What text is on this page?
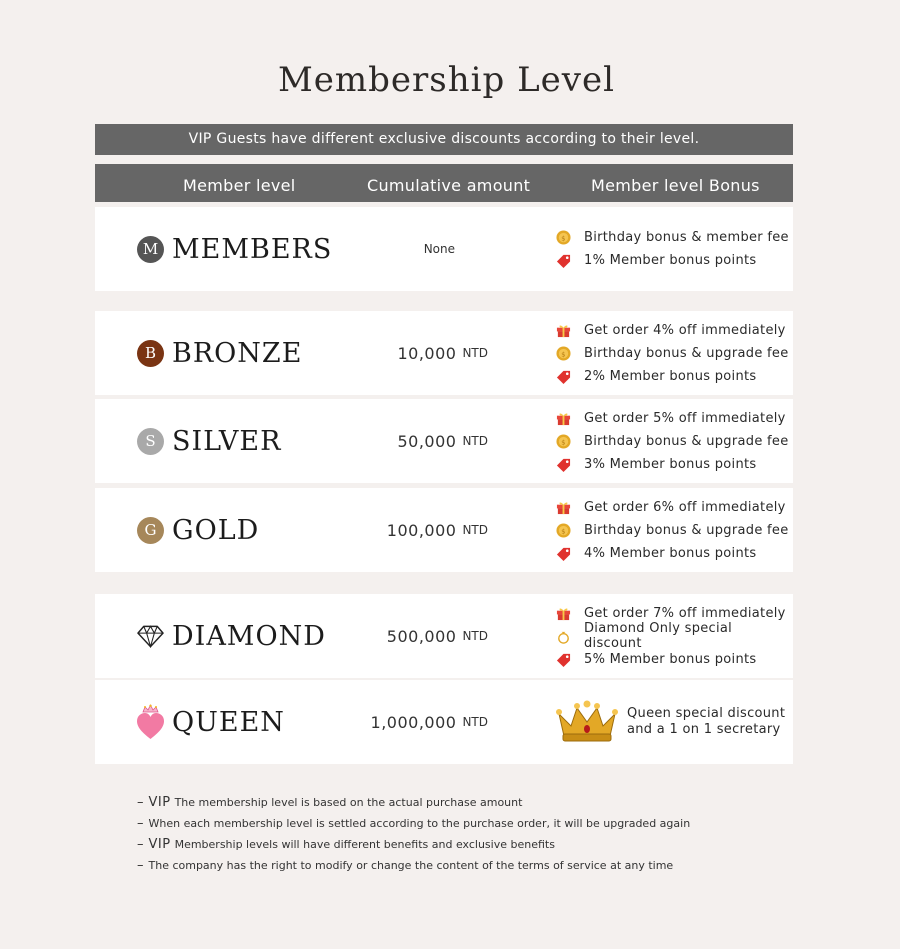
Membership Level
VIP Guests have different exclusive discounts according to their level.
Member level	Cumulative amount	Member level Bonus
M MEMBERS	None
$ Birthday bonus & member fee
1% Member bonus points
B BRONZE	10,000 NTD
Get order 4% off immediately
$ Birthday bonus & upgrade fee
2% Member bonus points
S SILVER	50,000 NTD
Get order 5% off immediately
$ Birthday bonus & upgrade fee
3% Member bonus points
G GOLD	100,000 NTD
Get order 6% off immediately
$ Birthday bonus & upgrade fee
4% Member bonus points
DIAMOND	500,000 NTD
Get order 7% off immediately
Diamond Only special discount
5% Member bonus points
QUEEN	1,000,000 NTD
Queen special discount
and a 1 on 1 secretary
– VIP The membership level is based on the actual purchase amount
– When each membership level is settled according to the purchase order, it will be upgraded again
– VIP Membership levels will have different benefits and exclusive benefits
– The company has the right to modify or change the content of the terms of service at any time
